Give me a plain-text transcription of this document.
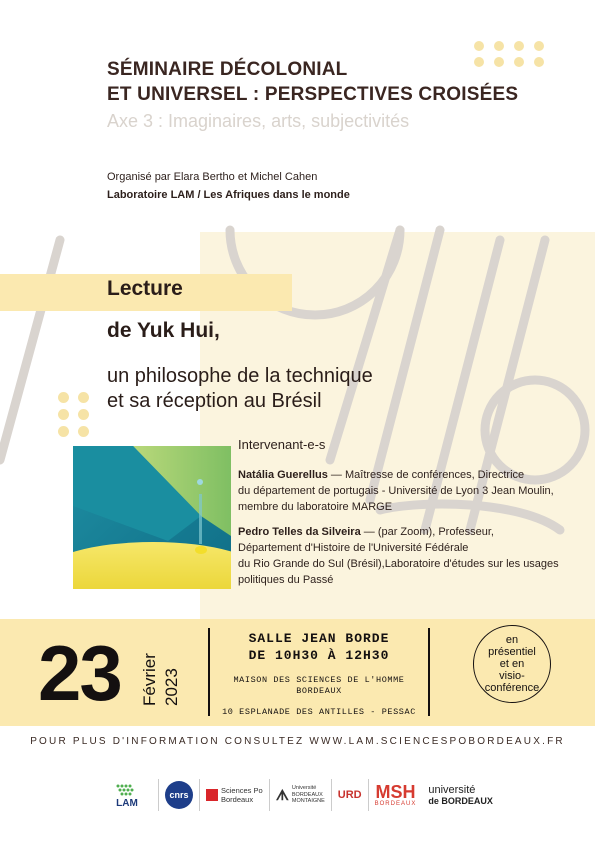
SÉMINAIRE DÉCOLONIAL
ET UNIVERSEL : PERSPECTIVES CROISÉES
Axe 3 : Imaginaires, arts, subjectivités
Organisé par Elara Bertho et Michel Cahen
Laboratoire LAM / Les Afriques dans le monde
Lecture
de Yuk Hui,
un philosophe de la technique
et sa réception au Brésil
Intervenant-e-s

Natália Guerellus — Maîtresse de conférences, Directrice
du département de portugais - Université de Lyon 3 Jean Moulin,
membre du laboratoire MARGE

Pedro Telles da Silveira — (par Zoom), Professeur,
Département d'Histoire de l'Université Fédérale
du Rio Grande do Sul (Brésil),Laboratoire d'études sur les usages
politiques du Passé

23 Février 2023
SALLE JEAN BORDE
DE 10H30 À 12H30
MAISON DES SCIENCES DE L'HOMME
BORDEAUX
10 ESPLANADE DES ANTILLES - PESSAC
en
présentiel
et en
visio-
conférence
POUR PLUS D'INFORMATION CONSULTEZ WWW.LAM.SCIENCESPOBORDEAUX.FR
LAM
cnrs	Sciences Po
Bordeaux	ᗑ Université
BORDEAUX
MONTAIGNE
URD MSH
BORDEAUX
université
de BORDEAUX
